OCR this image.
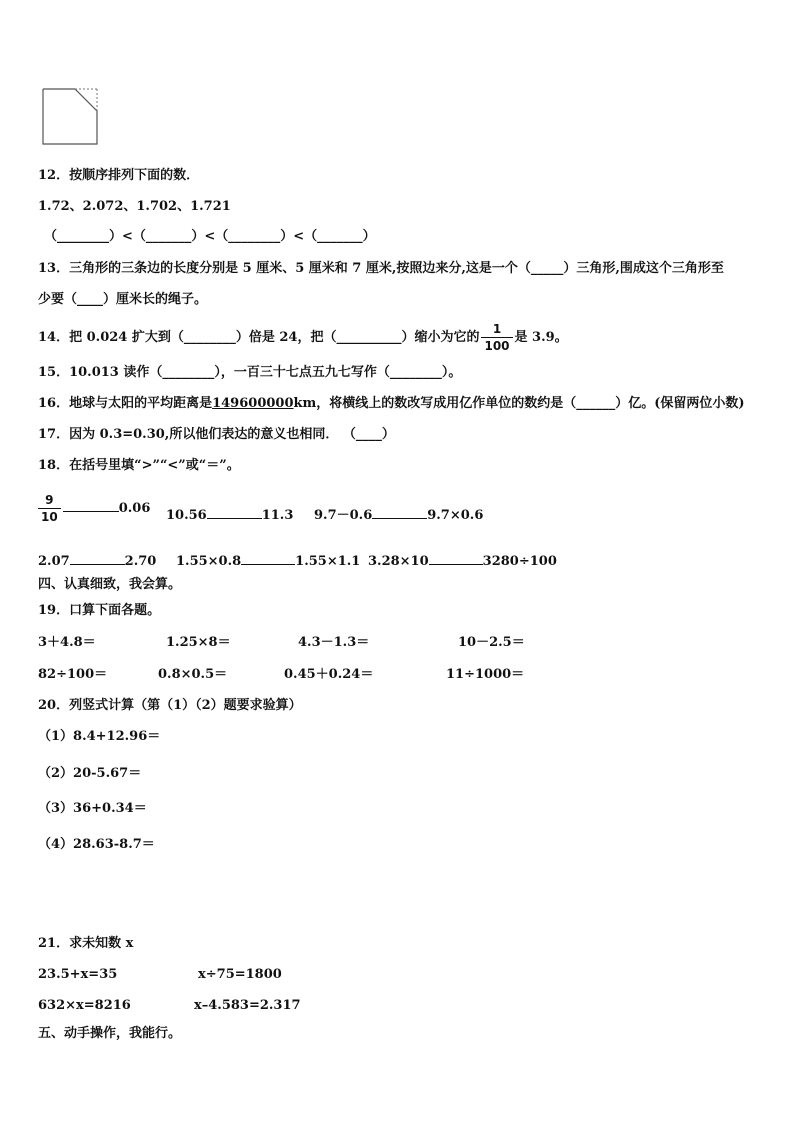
12．按顺序排列下面的数．
1.72、2.072、1.702、1.721
（________）<（_______）<（________）<（_______）
13．三角形的三条边的长度分别是 5 厘米、5 厘米和 7 厘米,按照边来分,这是一个（_____）三角形,围成这个三角形至
少要（____）厘米长的绳子。
14．把 0.024 扩大到（________）倍是 24，把（__________）缩小为它的 $\frac{1}{100}$ 是 3.9。
15．10.013 读作（________），一百三十七点五九七写作（________）。
16．地球与太阳的平均距离是149600000km，将横线上的数改写成用亿作单位的数约是（______）亿。(保留两位小数)
17．因为 0.3=0.30,所以他们表达的意义也相同． （____）
18．在括号里填“>”“<”或“＝”。
$\frac{9}{10}$	0.06 10.56	11.3 9.7－0.6	9.7×0.6
2.07	2.70 1.55×0.8	1.55×1.1 3.28×10	3280÷100
四、认真细致，我会算。
19．口算下面各题。
3＋4.8＝	1.25×8＝	4.3－1.3＝	10－2.5＝
82÷100＝	0.8×0.5＝	0.45＋0.24＝	11÷1000＝
20．列竖式计算（第（1）（2）题要求验算）
（1）8.4+12.96＝
（2）20-5.67＝
（3）36+0.34＝
（4）28.63-8.7＝
21．求未知数 x
23.5+x=35	x÷75=1800
632×x=8216	x–4.583=2.317
五、动手操作，我能行。
